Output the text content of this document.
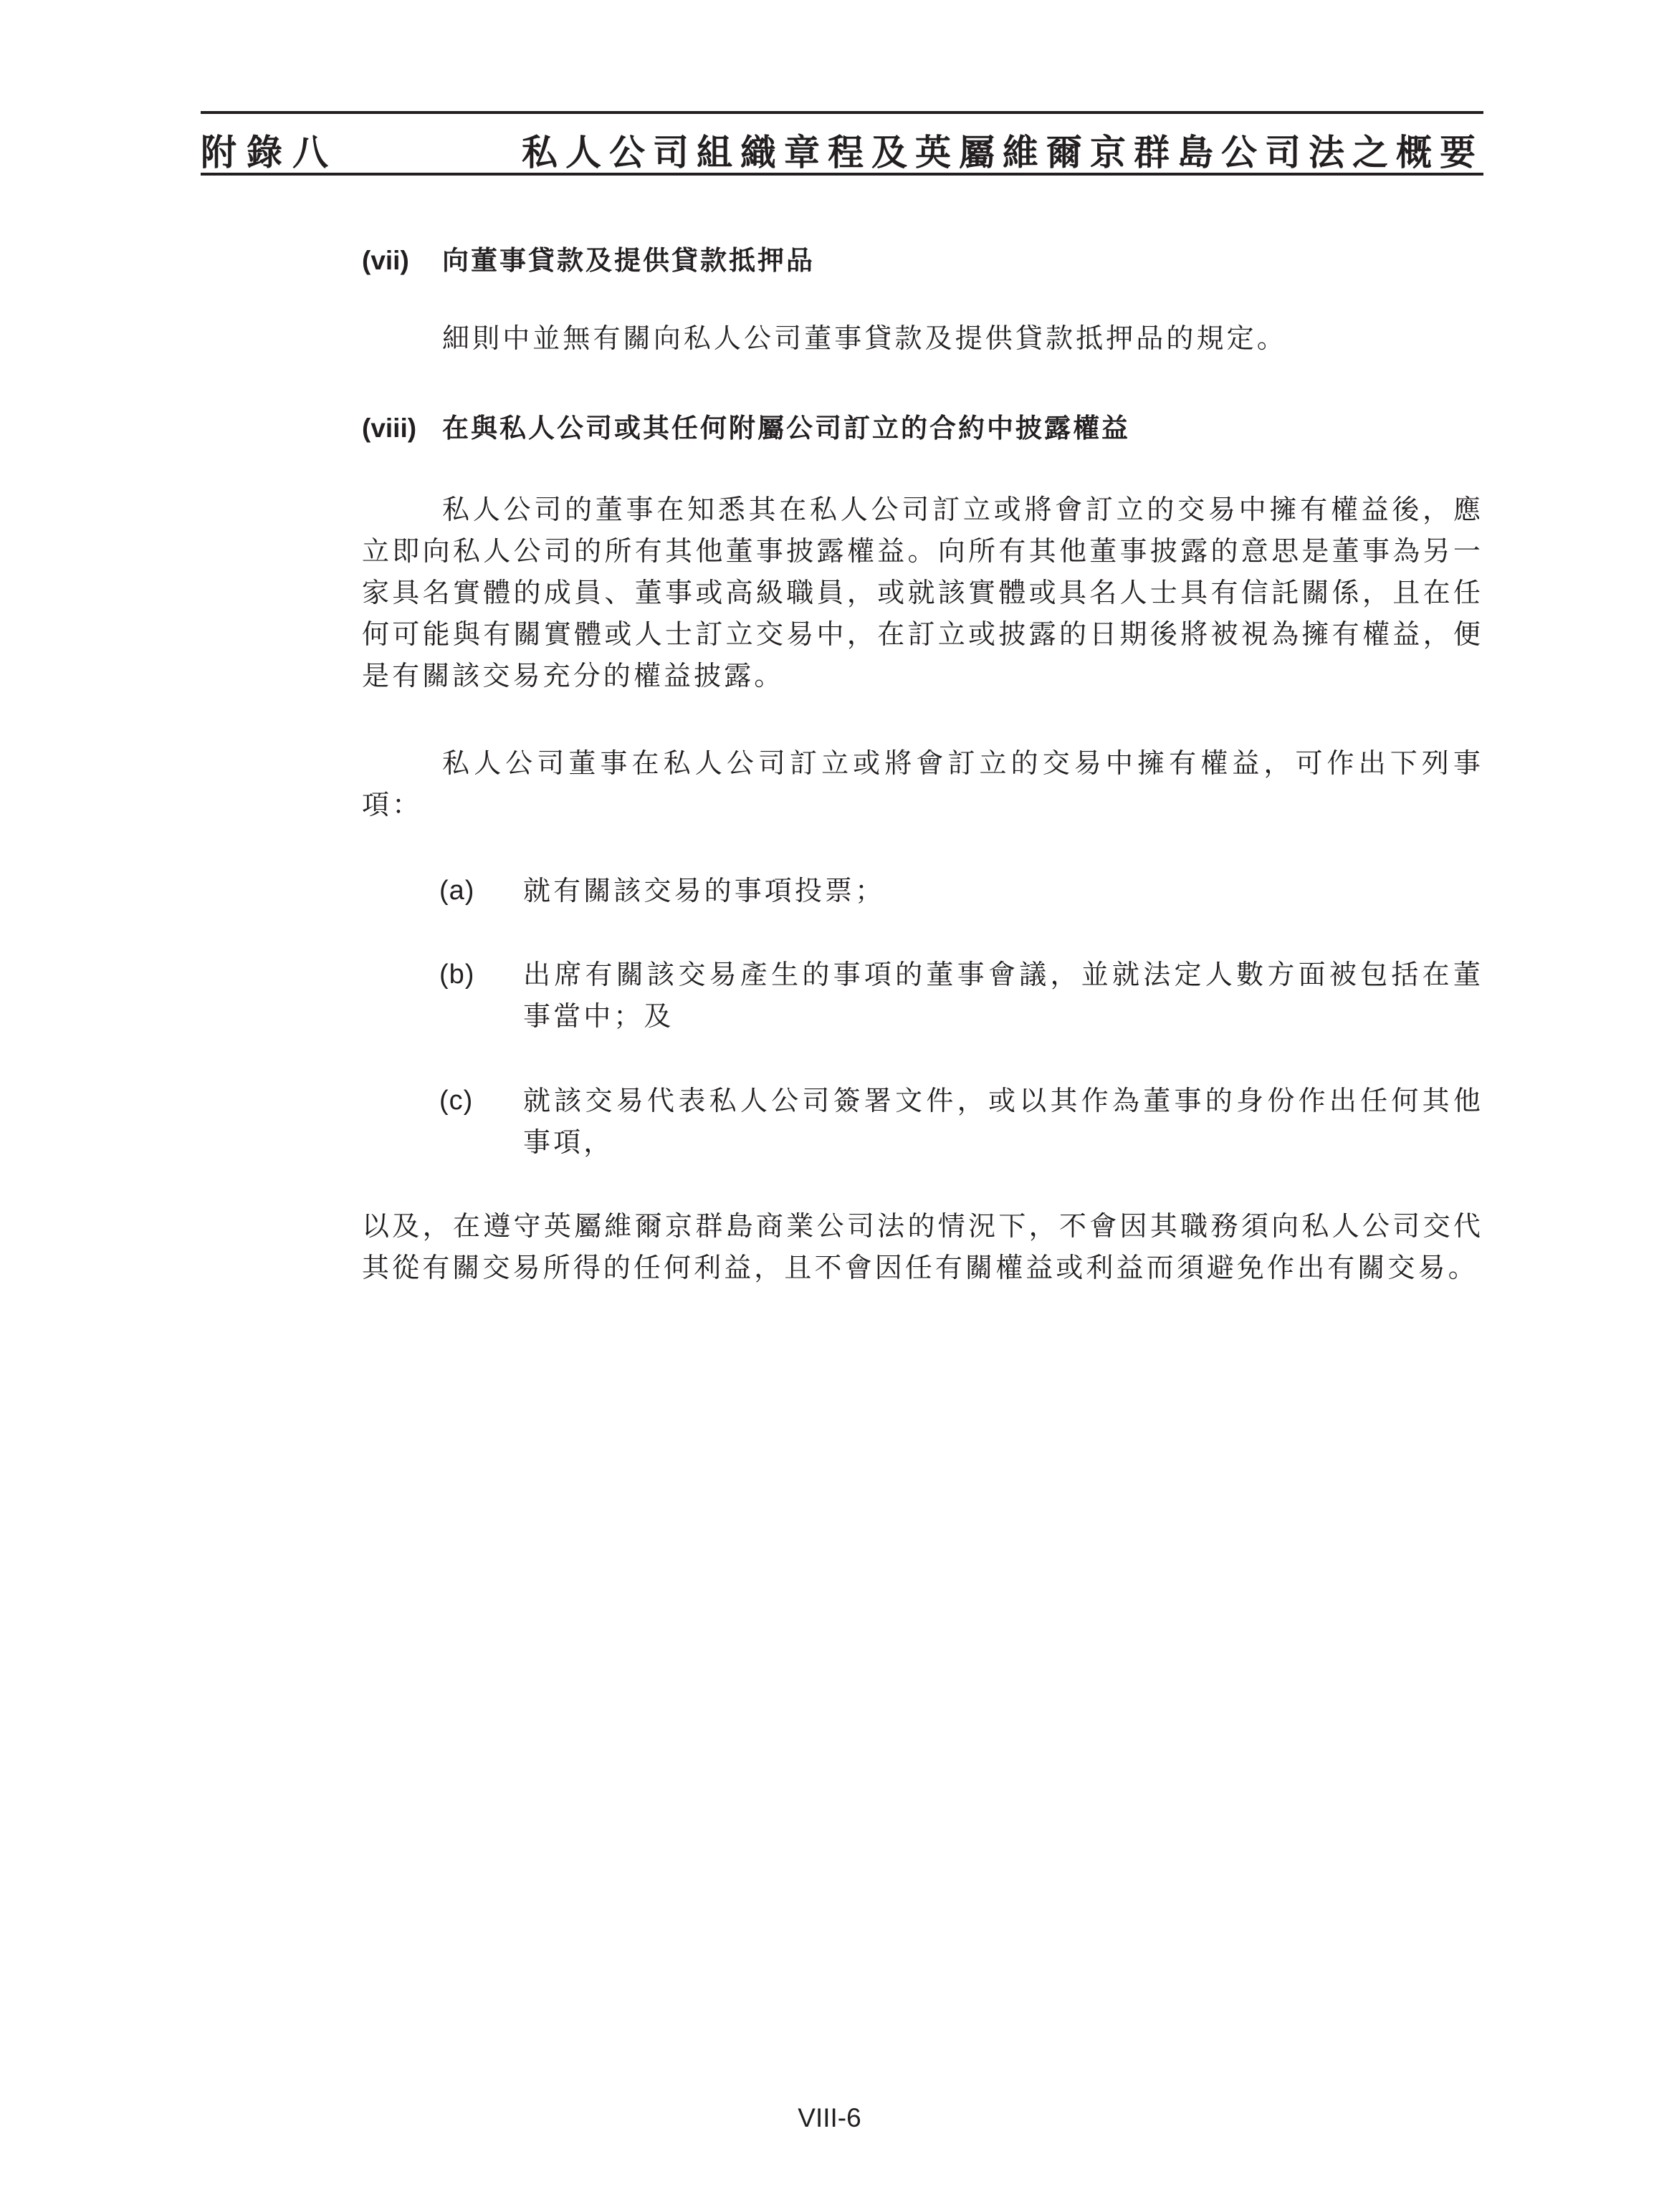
附錄八	私人公司組織章程及英屬維爾京群島公司法之概要
(vii) 向董事貸款及提供貸款抵押品
細則中並無有關向私人公司董事貸款及提供貸款抵押品的規定。
(viii) 在與私人公司或其任何附屬公司訂立的合約中披露權益
私人公司的董事在知悉其在私人公司訂立或將會訂立的交易中擁有權益後，應立即向私人公司的所有其他董事披露權益。向所有其他董事披露的意思是董事為另一家具名實體的成員、董事或高級職員，或就該實體或具名人士具有信託關係，且在任何可能與有關實體或人士訂立交易中，在訂立或披露的日期後將被視為擁有權益，便是有關該交易充分的權益披露。
私人公司董事在私人公司訂立或將會訂立的交易中擁有權益，可作出下列事項：
(a) 就有關該交易的事項投票；
(b) 出席有關該交易產生的事項的董事會議，並就法定人數方面被包括在董事當中；及
(c) 就該交易代表私人公司簽署文件，或以其作為董事的身份作出任何其他事項，
以及，在遵守英屬維爾京群島商業公司法的情況下，不會因其職務須向私人公司交代其從有關交易所得的任何利益，且不會因任有關權益或利益而須避免作出有關交易。
VIII-6
